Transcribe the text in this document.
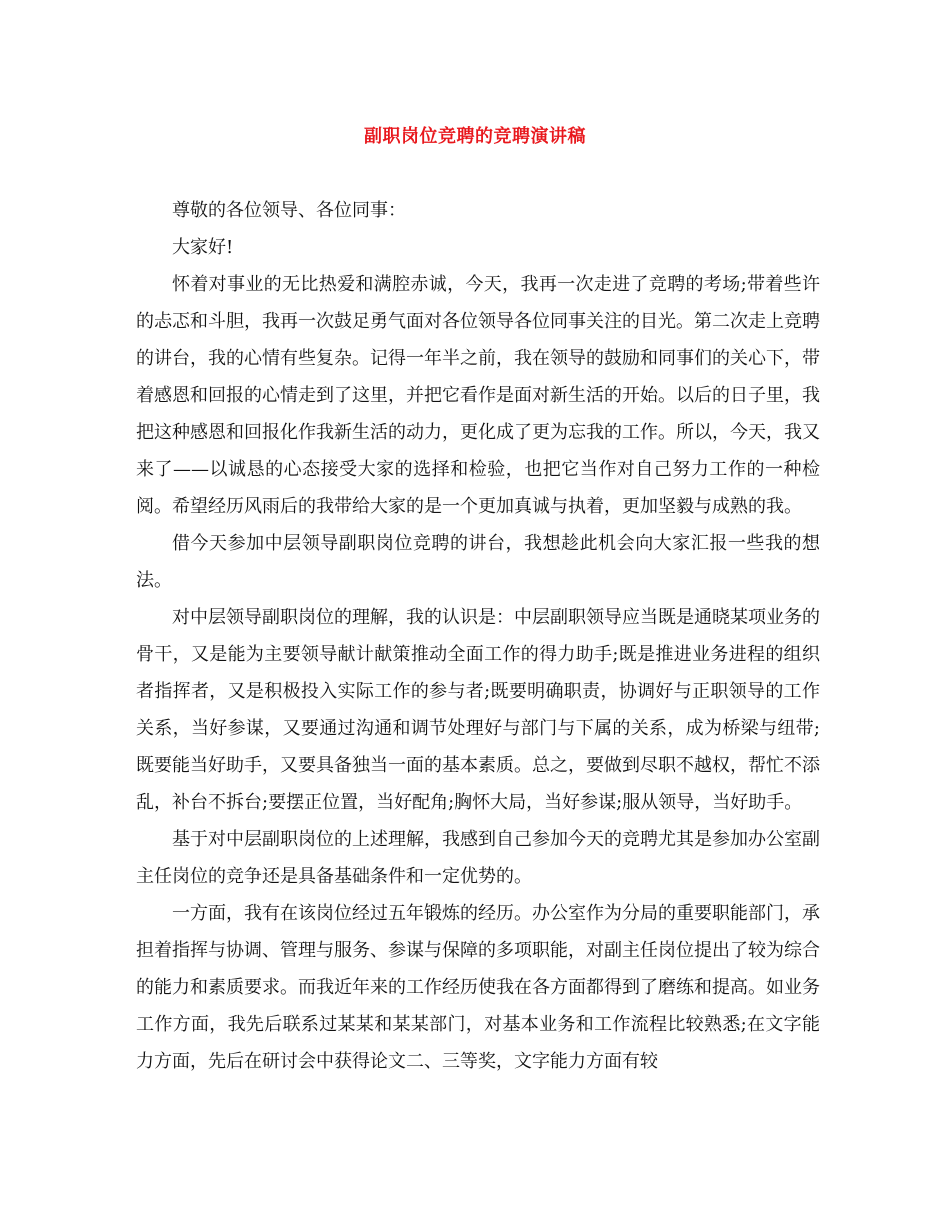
副职岗位竞聘的竞聘演讲稿

尊敬的各位领导、各位同事：

大家好!

怀着对事业的无比热爱和满腔赤诚，今天，我再一次走进了竞聘的考场;带着些许的忐忑和斗胆，我再一次鼓足勇气面对各位领导各位同事关注的目光。第二次走上竞聘的讲台，我的心情有些复杂。记得一年半之前，我在领导的鼓励和同事们的关心下，带着感恩和回报的心情走到了这里，并把它看作是面对新生活的开始。以后的日子里，我把这种感恩和回报化作我新生活的动力，更化成了更为忘我的工作。所以，今天，我又来了——以诚恳的心态接受大家的选择和检验，也把它当作对自己努力工作的一种检阅。希望经历风雨后的我带给大家的是一个更加真诚与执着，更加坚毅与成熟的我。

借今天参加中层领导副职岗位竞聘的讲台，我想趁此机会向大家汇报一些我的想法。

对中层领导副职岗位的理解，我的认识是：中层副职领导应当既是通晓某项业务的骨干，又是能为主要领导献计献策推动全面工作的得力助手;既是推进业务进程的组织者指挥者，又是积极投入实际工作的参与者;既要明确职责，协调好与正职领导的工作关系，当好参谋，又要通过沟通和调节处理好与部门与下属的关系，成为桥梁与纽带;既要能当好助手，又要具备独当一面的基本素质。总之，要做到尽职不越权，帮忙不添乱，补台不拆台;要摆正位置，当好配角;胸怀大局，当好参谋;服从领导，当好助手。

基于对中层副职岗位的上述理解，我感到自己参加今天的竞聘尤其是参加办公室副主任岗位的竞争还是具备基础条件和一定优势的。

一方面，我有在该岗位经过五年锻炼的经历。办公室作为分局的重要职能部门，承担着指挥与协调、管理与服务、参谋与保障的多项职能，对副主任岗位提出了较为综合的能力和素质要求。而我近年来的工作经历使我在各方面都得到了磨练和提高。如业务工作方面，我先后联系过某某和某某部门，对基本业务和工作流程比较熟悉;在文字能力方面，先后在研讨会中获得论文二、三等奖，文字能力方面有较
